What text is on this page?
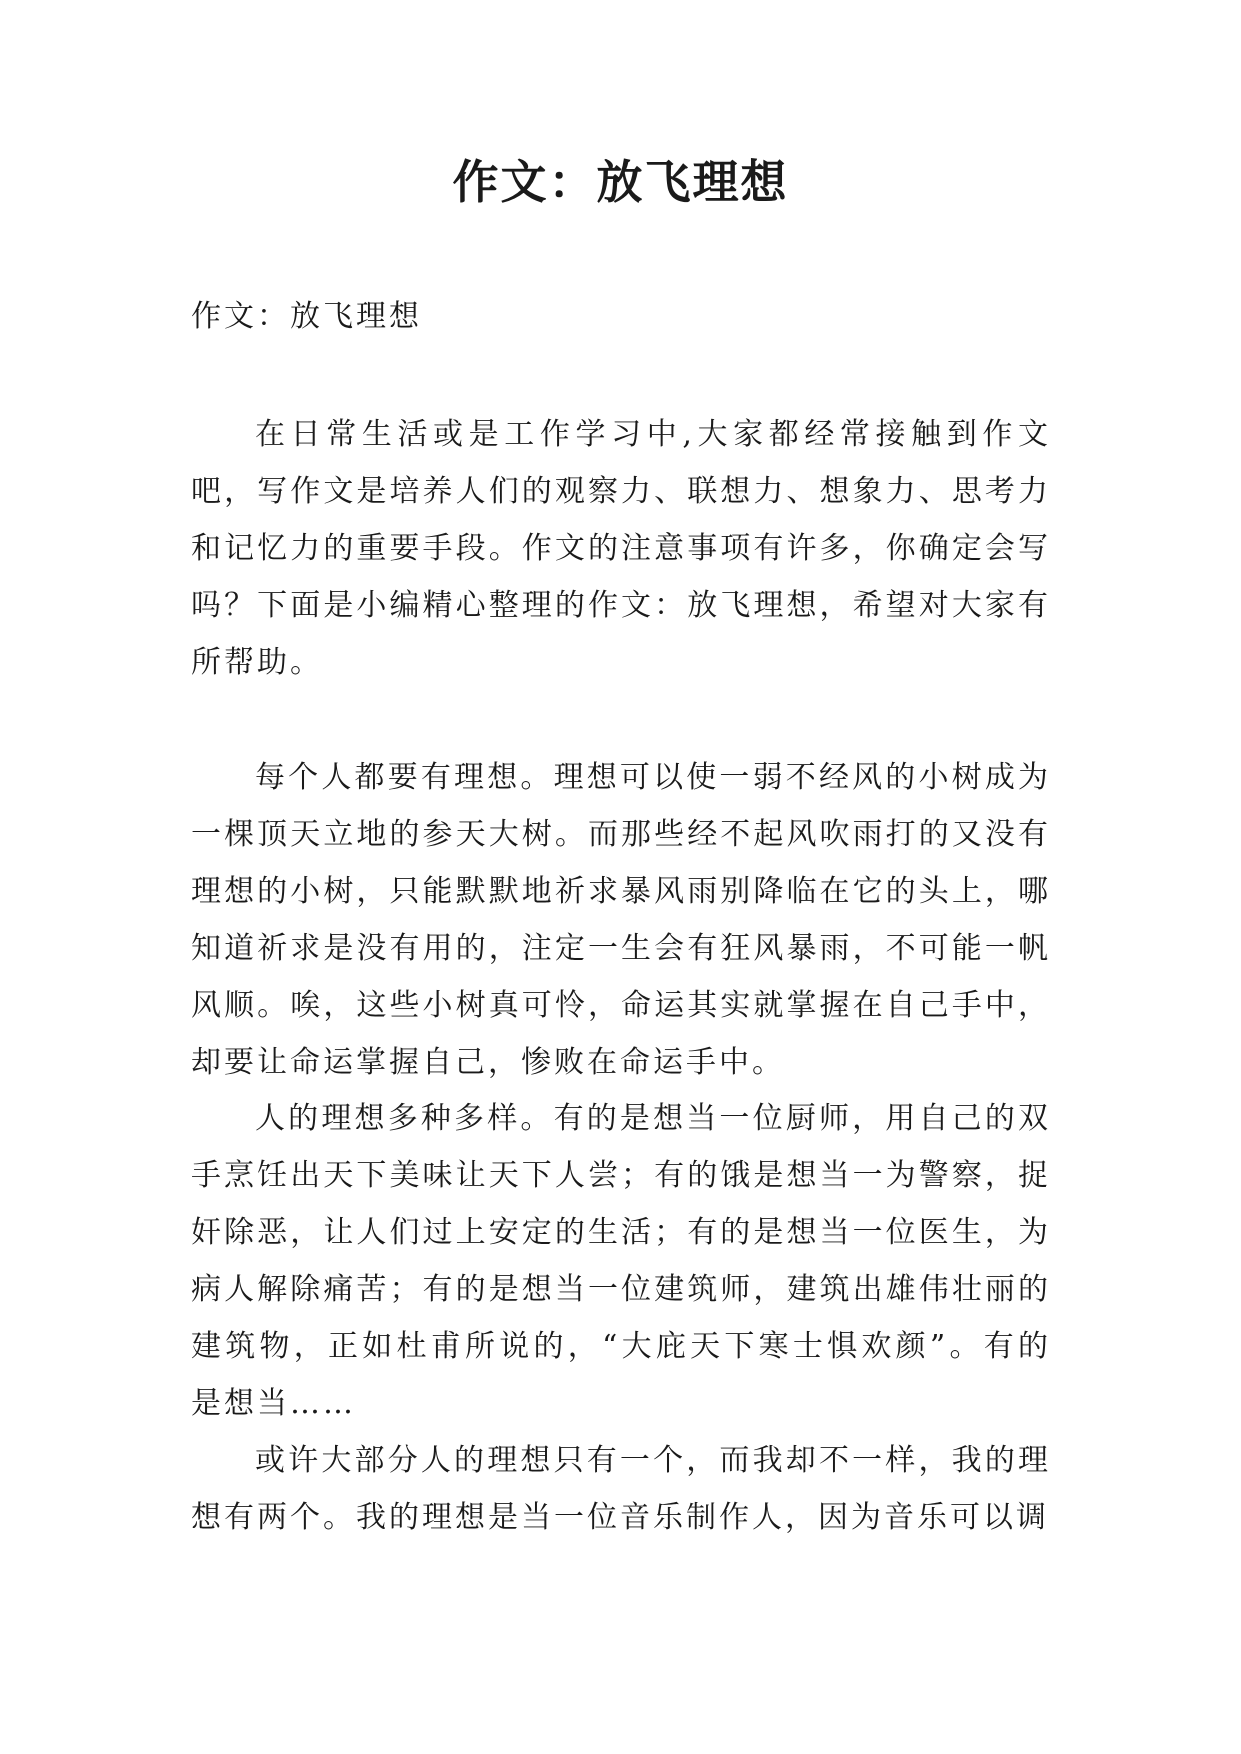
作文：放飞理想

作文：放飞理想

在日常生活或是工作学习中,大家都经常接触到作文吧，写作文是培养人们的观察力、联想力、想象力、思考力和记忆力的重要手段。作文的注意事项有许多，你确定会写吗？下面是小编精心整理的作文：放飞理想，希望对大家有所帮助。

每个人都要有理想。理想可以使一弱不经风的小树成为一棵顶天立地的参天大树。而那些经不起风吹雨打的又没有理想的小树，只能默默地祈求暴风雨别降临在它的头上，哪知道祈求是没有用的，注定一生会有狂风暴雨，不可能一帆风顺。唉，这些小树真可怜，命运其实就掌握在自己手中，却要让命运掌握自己，惨败在命运手中。

人的理想多种多样。有的是想当一位厨师，用自己的双手烹饪出天下美味让天下人尝；有的饿是想当一为警察，捉奸除恶，让人们过上安定的生活；有的是想当一位医生，为病人解除痛苦；有的是想当一位建筑师，建筑出雄伟壮丽的建筑物，正如杜甫所说的，“大庇天下寒士惧欢颜”。有的是想当……

或许大部分人的理想只有一个，而我却不一样，我的理想有两个。我的理想是当一位音乐制作人，因为音乐可以调
